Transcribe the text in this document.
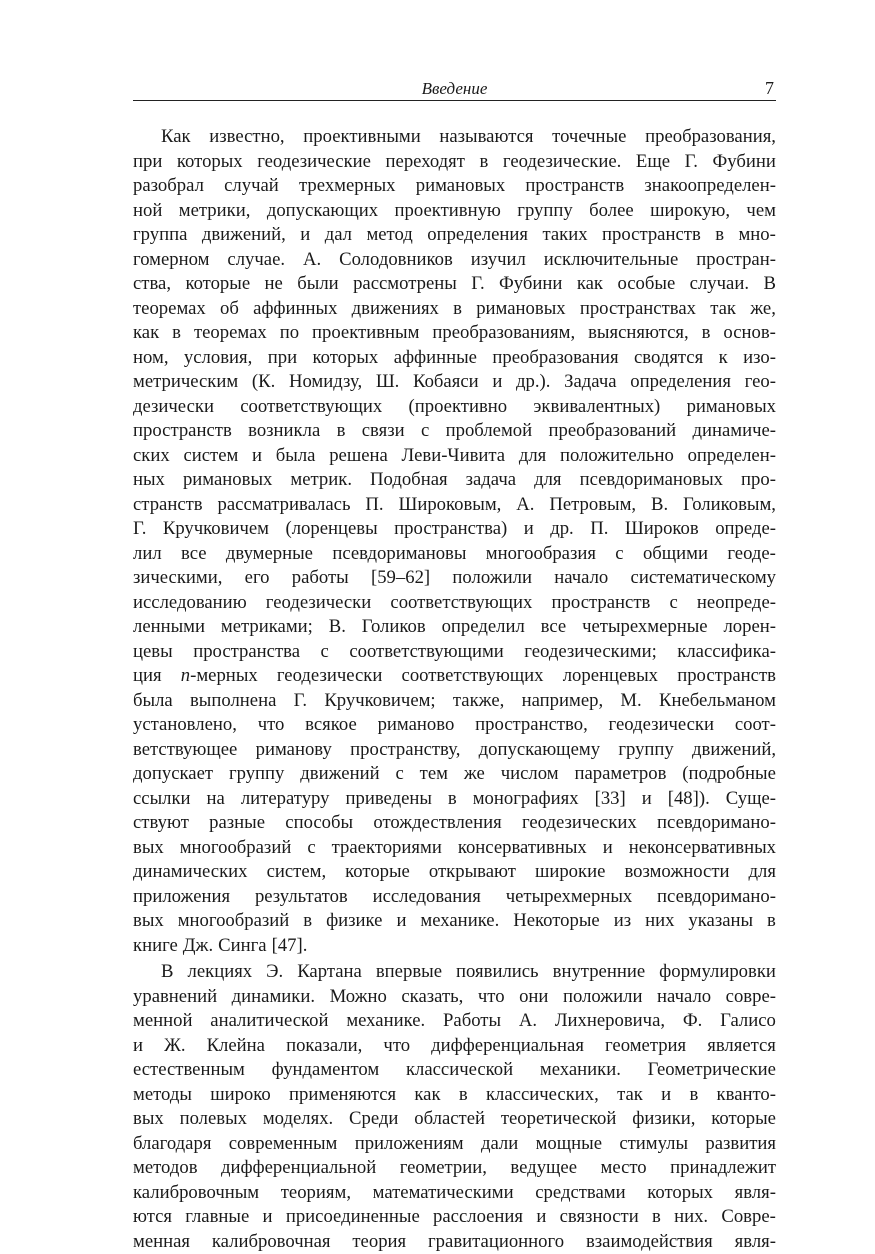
Введение	7
Как известно, проективными называются точечные преобразования,
при которых геодезические переходят в геодезические. Еще Г. Фубини
разобрал случай трехмерных римановых пространств знакоопределен-
ной метрики, допускающих проективную группу более широкую, чем
группа движений, и дал метод определения таких пространств в мно-
гомерном случае. А. Солодовников изучил исключительные простран-
ства, которые не были рассмотрены Г. Фубини как особые случаи. В
теоремах об аффинных движениях в римановых пространствах так же,
как в теоремах по проективным преобразованиям, выясняются, в основ-
ном, условия, при которых аффинные преобразования сводятся к изо-
метрическим (К. Номидзу, Ш. Кобаяси и др.). Задача определения гео-
дезически соответствующих (проективно эквивалентных) римановых
пространств возникла в связи с проблемой преобразований динамиче-
ских систем и была решена Леви-Чивита для положительно определен-
ных римановых метрик. Подобная задача для псевдоримановых про-
странств рассматривалась П. Широковым, А. Петровым, В. Голиковым,
Г. Кручковичем (лоренцевы пространства) и др. П. Широков опреде-
лил все двумерные псевдоримановы многообразия с общими геоде-
зическими, его работы [59–62] положили начало систематическому
исследованию геодезически соответствующих пространств с неопреде-
ленными метриками; В. Голиков определил все четырехмерные лорен-
цевы пространства с соответствующими геодезическими; классифика-
ция n-мерных геодезически соответствующих лоренцевых пространств
была выполнена Г. Кручковичем; также, например, М. Кнебельманом
установлено, что всякое риманово пространство, геодезически соот-
ветствующее риманову пространству, допускающему группу движений,
допускает группу движений с тем же числом параметров (подробные
ссылки на литературу приведены в монографиях [33] и [48]). Суще-
ствуют разные способы отождествления геодезических псевдоримано-
вых многообразий с траекториями консервативных и неконсервативных
динамических систем, которые открывают широкие возможности для
приложения результатов исследования четырехмерных псевдоримано-
вых многообразий в физике и механике. Некоторые из них указаны в
книге Дж. Синга [47].
В лекциях Э. Картана впервые появились внутренние формулировки
уравнений динамики. Можно сказать, что они положили начало совре-
менной аналитической механике. Работы А. Лихнеровича, Ф. Галисо
и Ж. Клейна показали, что дифференциальная геометрия является
естественным фундаментом классической механики. Геометрические
методы широко применяются как в классических, так и в кванто-
вых полевых моделях. Среди областей теоретической физики, которые
благодаря современным приложениям дали мощные стимулы развития
методов дифференциальной геометрии, ведущее место принадлежит
калибровочным теориям, математическими средствами которых явля-
ются главные и присоединенные расслоения и связности в них. Совре-
менная калибровочная теория гравитационного взаимодействия явля-
